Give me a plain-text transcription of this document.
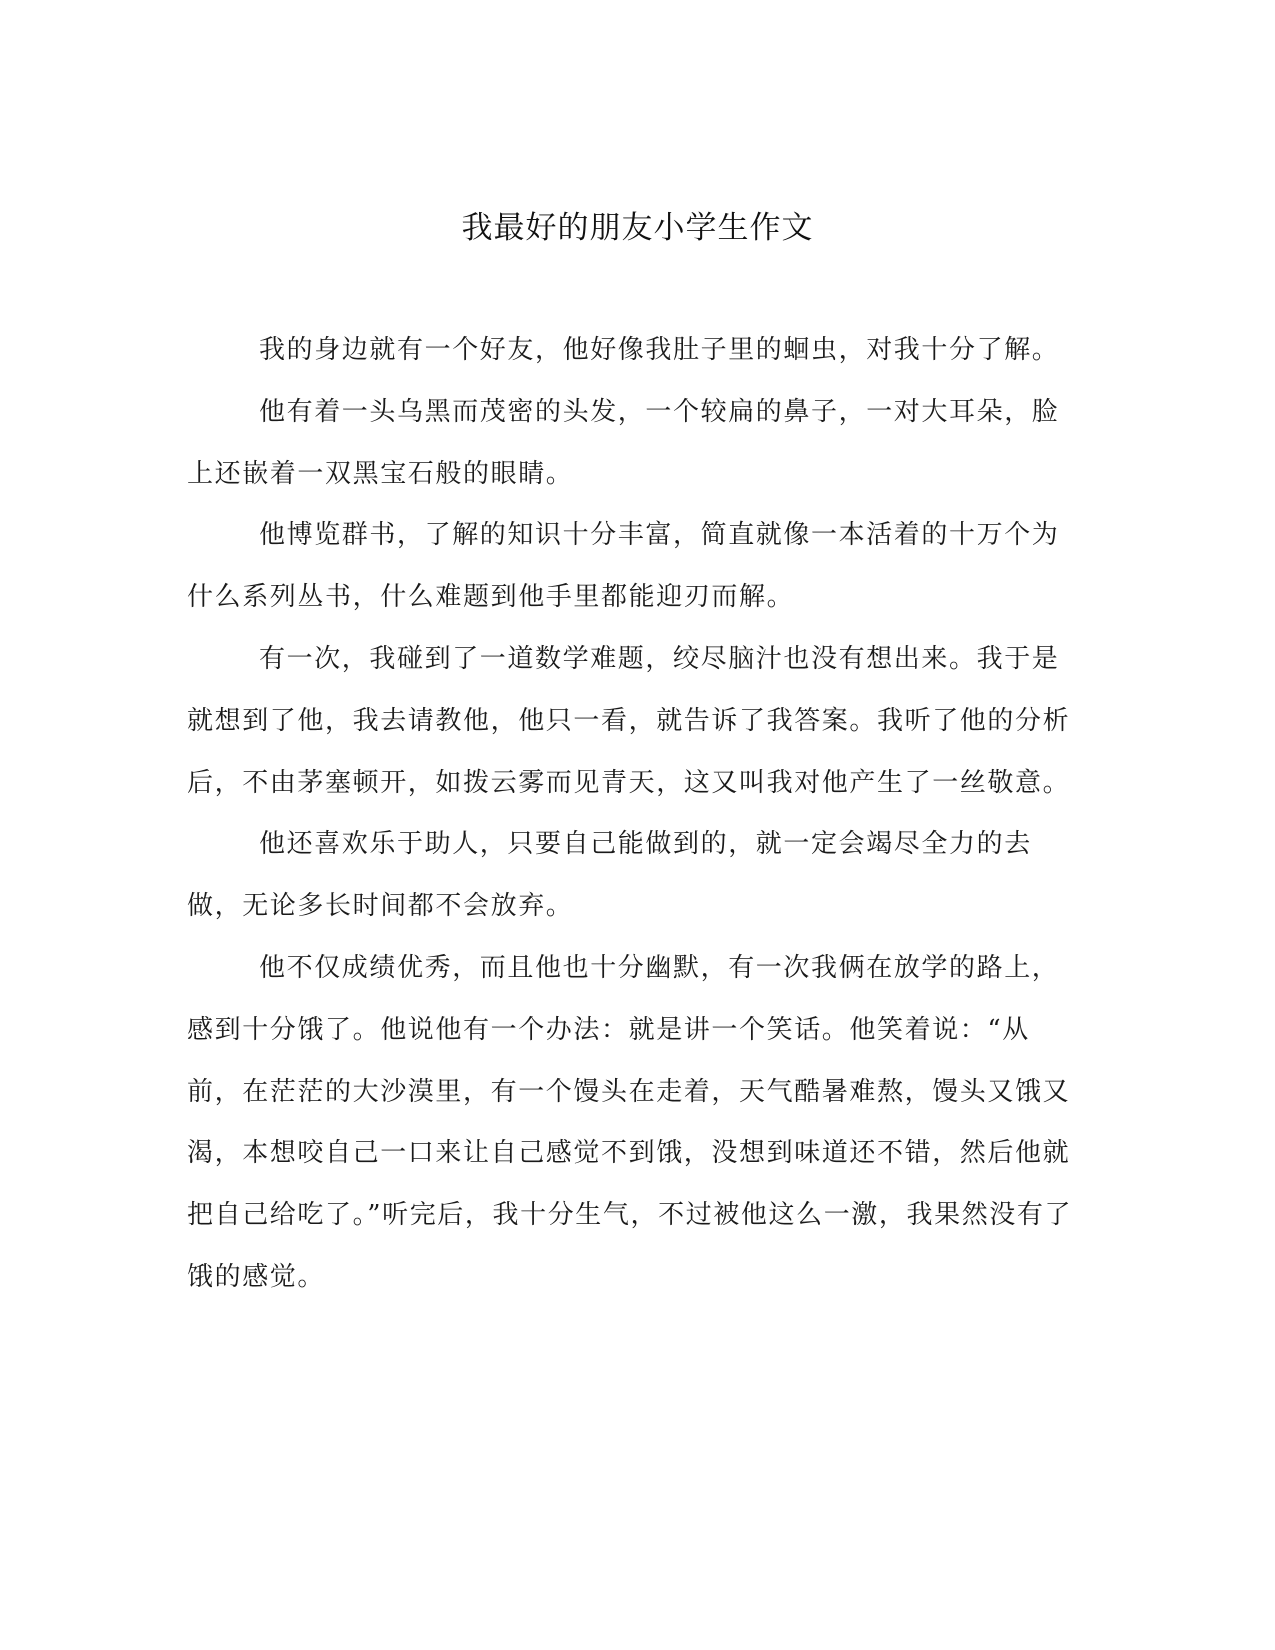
我最好的朋友小学生作文

我的身边就有一个好友，他好像我肚子里的蛔虫，对我十分了解。

他有着一头乌黑而茂密的头发，一个较扁的鼻子，一对大耳朵，脸上还嵌着一双黑宝石般的眼睛。

他博览群书，了解的知识十分丰富，简直就像一本活着的十万个为什么系列丛书，什么难题到他手里都能迎刃而解。

有一次，我碰到了一道数学难题，绞尽脑汁也没有想出来。我于是就想到了他，我去请教他，他只一看，就告诉了我答案。我听了他的分析后，不由茅塞顿开，如拨云雾而见青天，这又叫我对他产生了一丝敬意。

他还喜欢乐于助人，只要自己能做到的，就一定会竭尽全力的去做，无论多长时间都不会放弃。

他不仅成绩优秀，而且他也十分幽默，有一次我俩在放学的路上，感到十分饿了。他说他有一个办法：就是讲一个笑话。他笑着说：“从前，在茫茫的大沙漠里，有一个馒头在走着，天气酷暑难熬，馒头又饿又渴，本想咬自己一口来让自己感觉不到饿，没想到味道还不错，然后他就把自己给吃了。”听完后，我十分生气，不过被他这么一激，我果然没有了饿的感觉。
